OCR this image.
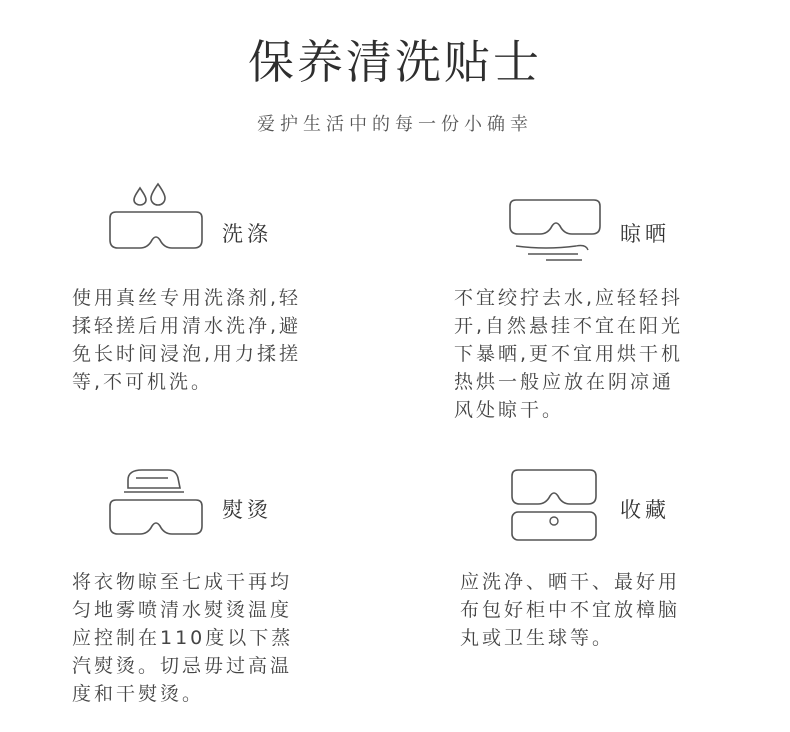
保养清洗贴士
爱护生活中的每一份小确幸
洗涤
使用真丝专用洗涤剂,轻
揉轻搓后用清水洗净,避
免长时间浸泡,用力揉搓
等,不可机洗。
晾晒
不宜绞拧去水,应轻轻抖
开,自然悬挂不宜在阳光
下暴晒,更不宜用烘干机
热烘一般应放在阴凉通
风处晾干。
熨烫
将衣物晾至七成干再均
匀地雾喷清水熨烫温度
应控制在110度以下蒸
汽熨烫。切忌毋过高温
度和干熨烫。
收藏
应洗净、晒干、最好用
布包好柜中不宜放樟脑
丸或卫生球等。
